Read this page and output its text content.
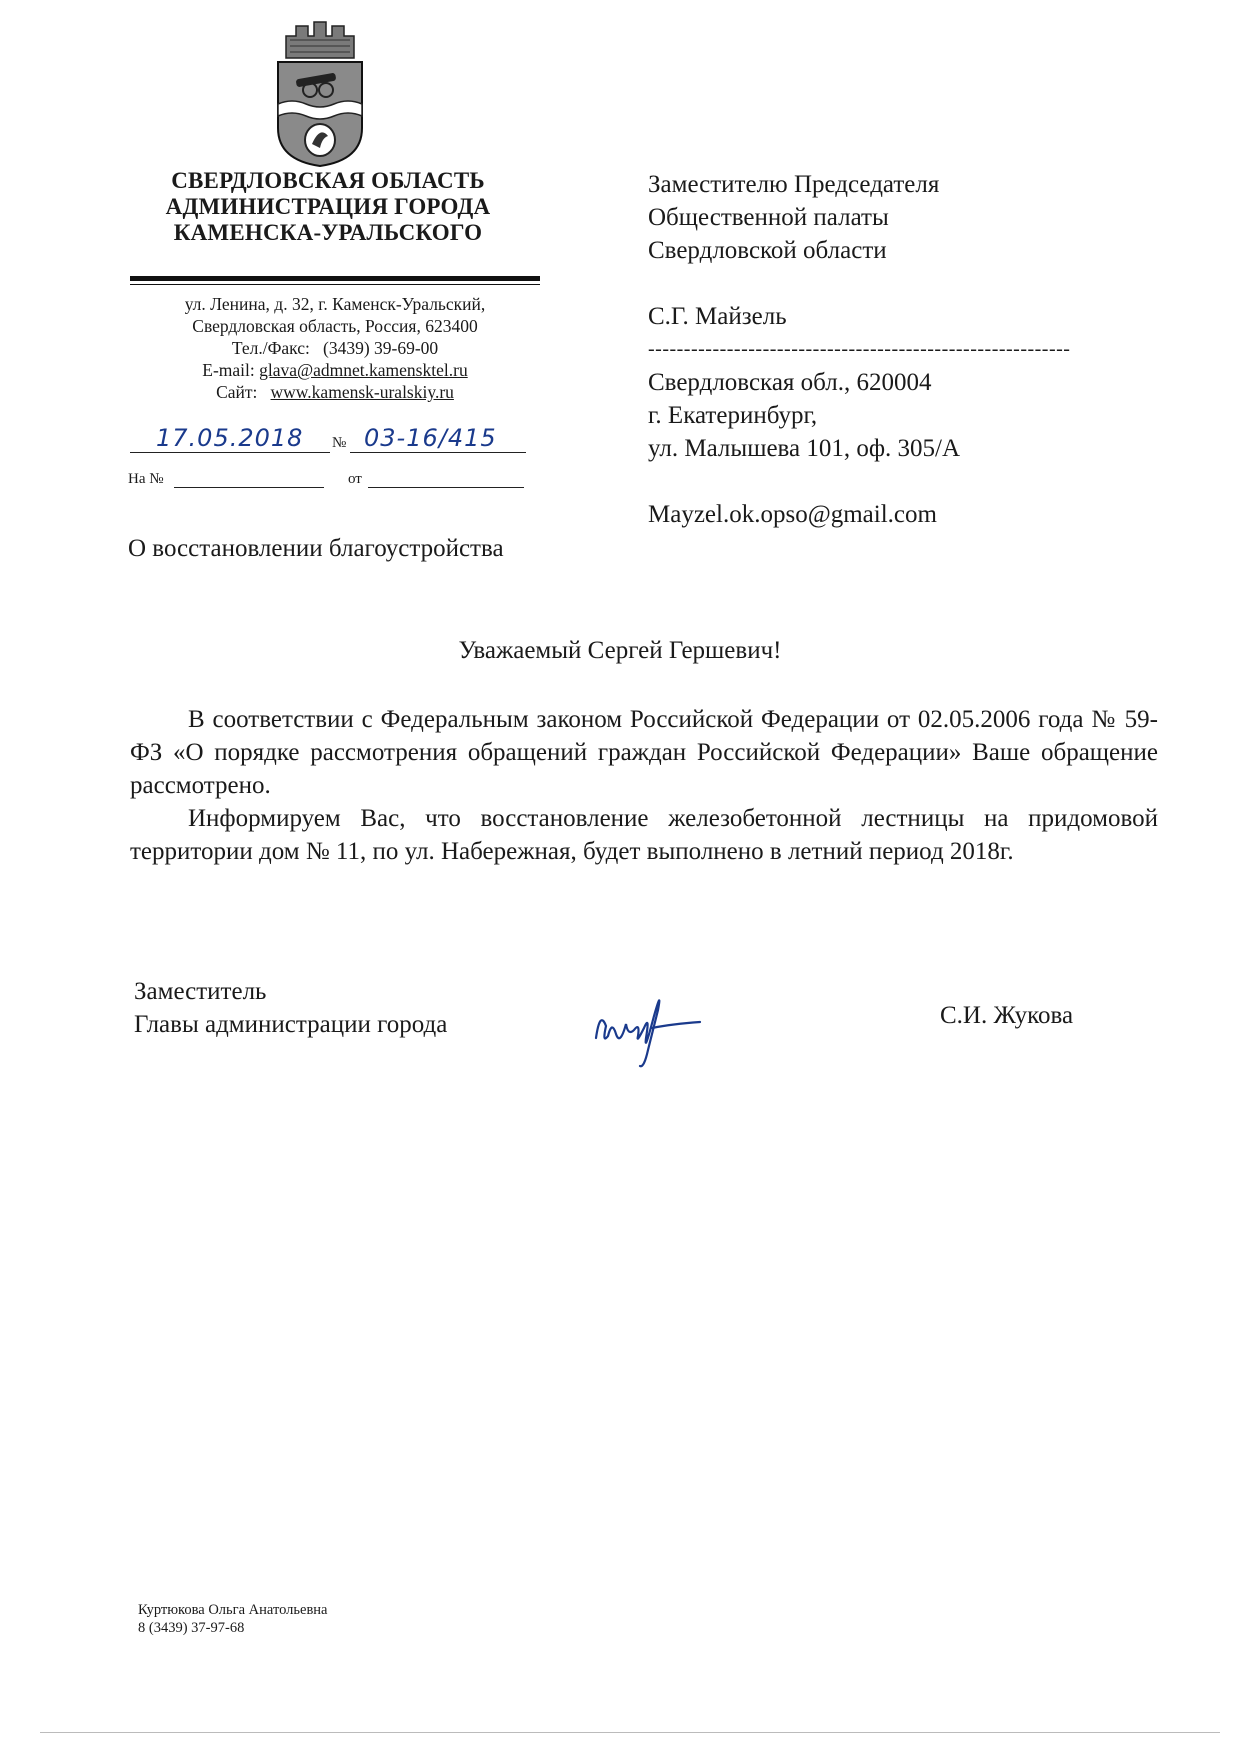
СВЕРДЛОВСКАЯ ОБЛАСТЬ
АДМИНИСТРАЦИЯ ГОРОДА
КАМЕНСКА-УРАЛЬСКОГО
ул. Ленина, д. 32, г. Каменск-Уральский,
Свердловская область, Россия, 623400
Тел./Факс: (3439) 39-69-00
E-mail: glava@admnet.kamensktel.ru
Сайт: www.kamensk-uralskiy.ru
17.05.2018 № 03-16/415
На №	от
Заместителю Председателя
Общественной палаты
Свердловской области
С.Г. Майзель
-----------------------------------------------------------
Свердловская обл., 620004
г. Екатеринбург,
ул. Малышева 101, оф. 305/А
Mayzel.ok.opso@gmail.com
О восстановлении благоустройства
Уважаемый Сергей Гершевич!

В соответствии с Федеральным законом Российской Федерации от 02.05.2006 года № 59-ФЗ «О порядке рассмотрения обращений граждан Российской Федерации» Ваше обращение рассмотрено.

Информируем Вас, что восстановление железобетонной лестницы на придомовой территории дом № 11, по ул. Набережная, будет выполнено в летний период 2018г.

Заместитель
Главы администрации города	С.И. Жукова
Куртюкова Ольга Анатольевна
8 (3439) 37-97-68
